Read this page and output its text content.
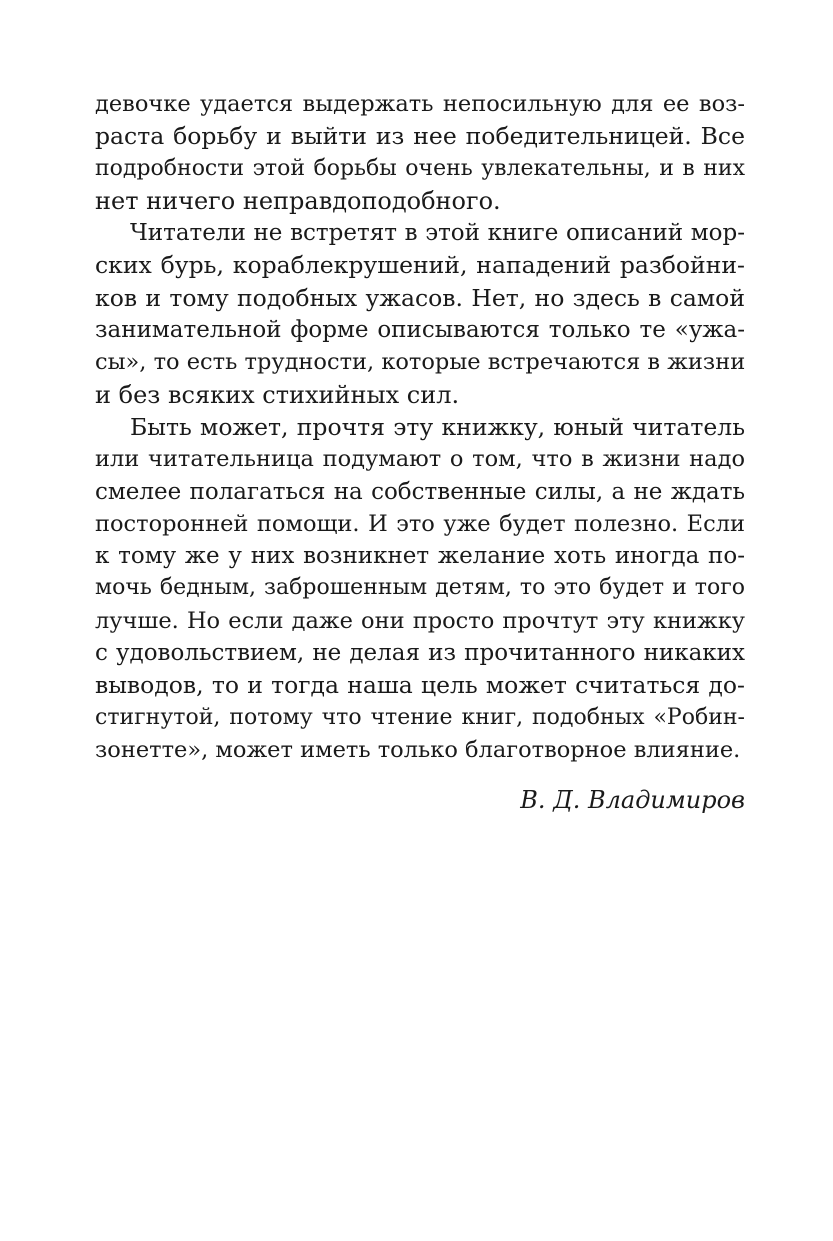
девочке удается выдержать непосильную для ее воз-
раста борьбу и выйти из нее победительницей. Все
подробности этой борьбы очень увлекательны, и в них
нет ничего неправдоподобного.
Читатели не встретят в этой книге описаний мор-
ских бурь, кораблекрушений, нападений разбойни-
ков и тому подобных ужасов. Нет, но здесь в самой
занимательной форме описываются только те «ужа-
сы», то есть трудности, которые встречаются в жизни
и без всяких стихийных сил.
Быть может, прочтя эту книжку, юный читатель
или читательница подумают о том, что в жизни надо
смелее полагаться на собственные силы, а не ждать
посторонней помощи. И это уже будет полезно. Если
к тому же у них возникнет желание хоть иногда по-
мочь бедным, заброшенным детям, то это будет и того
лучше. Но если даже они просто прочтут эту книжку
с удовольствием, не делая из прочитанного никаких
выводов, то и тогда наша цель может считаться до-
стигнутой, потому что чтение книг, подобных «Робин-
зонетте», может иметь только благотворное влияние.
В. Д. Владимиров
